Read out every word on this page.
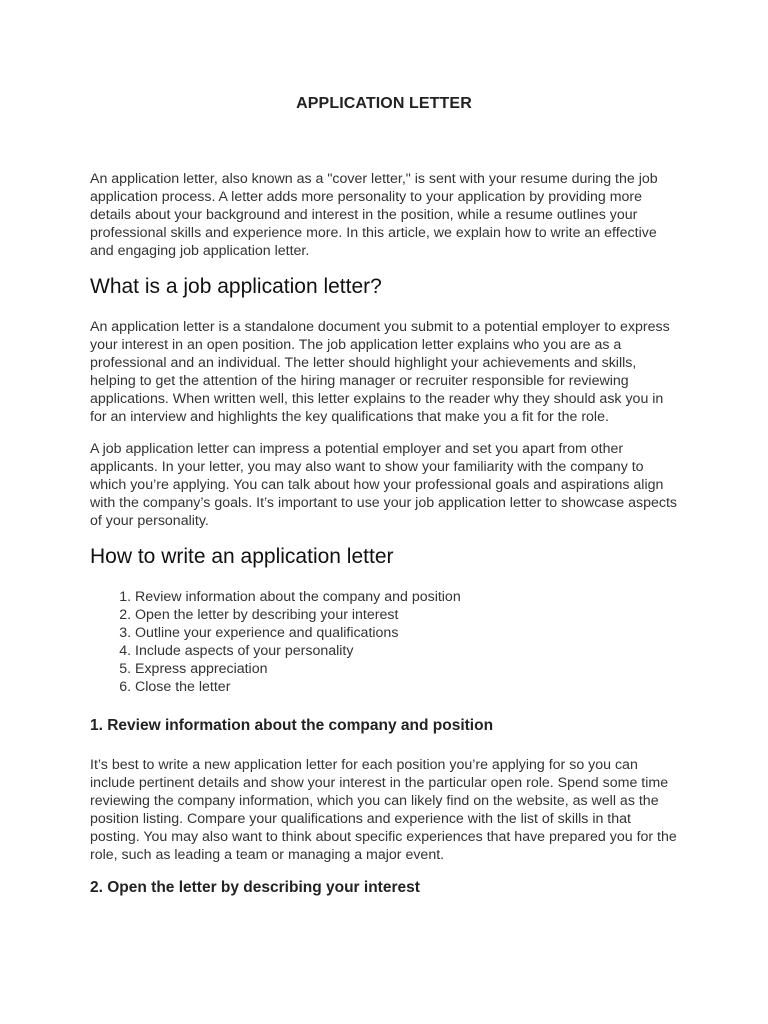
APPLICATION LETTER

An application letter, also known as a "cover letter," is sent with your resume during the job application process. A letter adds more personality to your application by providing more details about your background and interest in the position, while a resume outlines your professional skills and experience more. In this article, we explain how to write an effective and engaging job application letter.

What is a job application letter?

An application letter is a standalone document you submit to a potential employer to express your interest in an open position. The job application letter explains who you are as a professional and an individual. The letter should highlight your achievements and skills, helping to get the attention of the hiring manager or recruiter responsible for reviewing applications. When written well, this letter explains to the reader why they should ask you in for an interview and highlights the key qualifications that make you a fit for the role.

A job application letter can impress a potential employer and set you apart from other applicants. In your letter, you may also want to show your familiarity with the company to which you’re applying. You can talk about how your professional goals and aspirations align with the company’s goals. It’s important to use your job application letter to showcase aspects of your personality.

How to write an application letter
1. Review information about the company and position
2. Open the letter by describing your interest
3. Outline your experience and qualifications
4. Include aspects of your personality
5. Express appreciation
6. Close the letter
1. Review information about the company and position

It’s best to write a new application letter for each position you’re applying for so you can include pertinent details and show your interest in the particular open role. Spend some time reviewing the company information, which you can likely find on the website, as well as the position listing. Compare your qualifications and experience with the list of skills in that posting. You may also want to think about specific experiences that have prepared you for the role, such as leading a team or managing a major event.

2. Open the letter by describing your interest
